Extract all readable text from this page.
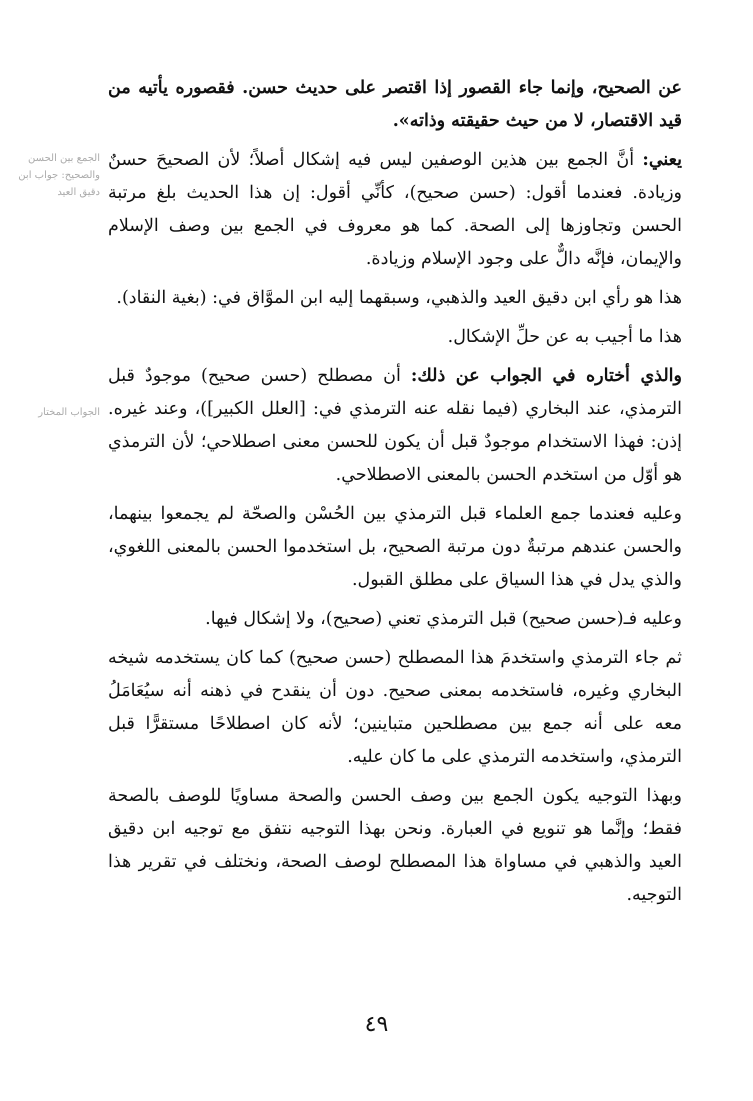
عن الصحيح، وإنما جاء القصور إذا اقتصر على حديث حسن. فقصوره يأتيه من قيد الاقتصار، لا من حيث حقيقته وذاته».

يعني: أنَّ الجمع بين هذين الوصفين ليس فيه إشكال أصلاً؛ لأن الصحيحَ حسنٌ وزيادة. فعندما أقول: (حسن صحيح)، كأنِّي أقول: إن هذا الحديث بلغ مرتبة الحسن وتجاوزها إلى الصحة. كما هو معروف في الجمع بين وصف الإسلام والإيمان، فإنَّه دالٌّ على وجود الإسلام وزيادة.

هذا هو رأي ابن دقيق العيد والذهبي، وسبقهما إليه ابن الموَّاق في: (بغية النقاد).

هذا ما أجيب به عن حلِّ الإشكال.

والذي أختاره في الجواب عن ذلك: أن مصطلح (حسن صحيح) موجودٌ قبل الترمذي، عند البخاري (فيما نقله عنه الترمذي في: [العلل الكبير])، وعند غيره. إذن: فهذا الاستخدام موجودٌ قبل أن يكون للحسن معنى اصطلاحي؛ لأن الترمذي هو أوّل من استخدم الحسن بالمعنى الاصطلاحي.

وعليه فعندما جمع العلماء قبل الترمذي بين الحُسْن والصحّة لم يجمعوا بينهما، والحسن عندهم مرتبةٌ دون مرتبة الصحيح، بل استخدموا الحسن بالمعنى اللغوي، والذي يدل في هذا السياق على مطلق القبول.

وعليه فـ(حسن صحيح) قبل الترمذي تعني (صحيح)، ولا إشكال فيها.

ثم جاء الترمذي واستخدمَ هذا المصطلح (حسن صحيح) كما كان يستخدمه شيخه البخاري وغيره، فاستخدمه بمعنى صحيح. دون أن ينقدح في ذهنه أنه سيُعَامَلُ معه على أنه جمع بين مصطلحين متباينين؛ لأنه كان اصطلاحًا مستقرًّا قبل الترمذي، واستخدمه الترمذي على ما كان عليه.

وبهذا التوجيه يكون الجمع بين وصف الحسن والصحة مساويًا للوصف بالصحة فقط؛ وإنَّما هو تنويع في العبارة. ونحن بهذا التوجيه نتفق مع توجيه ابن دقيق العيد والذهبي في مساواة هذا المصطلح لوصف الصحة، ونختلف في تقرير هذا التوجيه.

الجمع بين الحسن والصحيح: جواب ابن دقيق العيد
الجواب المختار
٤٩
